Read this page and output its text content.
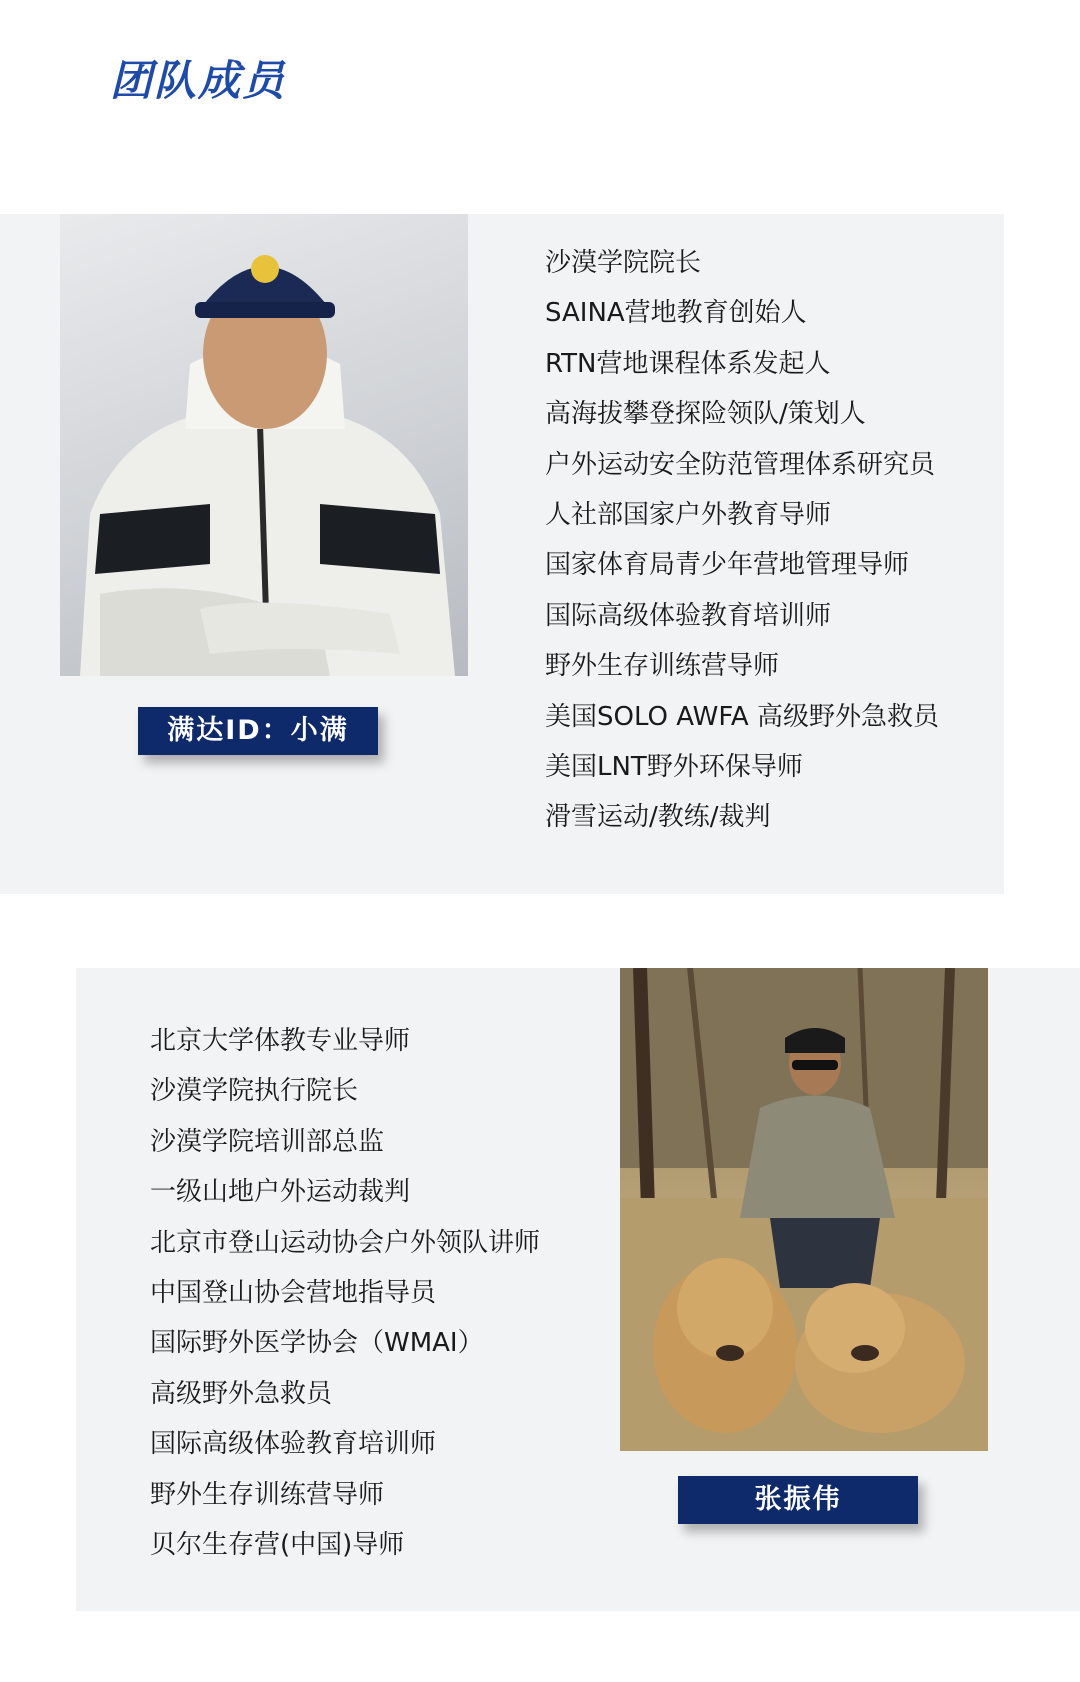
团队成员
满达ID：小满
沙漠学院院长
SAINA营地教育创始人
RTN营地课程体系发起人
高海拔攀登探险领队/策划人
户外运动安全防范管理体系研究员
人社部国家户外教育导师
国家体育局青少年营地管理导师
国际高级体验教育培训师
野外生存训练营导师
美国SOLO AWFA 高级野外急救员
美国LNT野外环保导师
滑雪运动/教练/裁判
北京大学体教专业导师
沙漠学院执行院长
沙漠学院培训部总监
一级山地户外运动裁判
北京市登山运动协会户外领队讲师
中国登山协会营地指导员
国际野外医学协会（WMAI）
高级野外急救员
国际高级体验教育培训师
野外生存训练营导师
贝尔生存营(中国)导师
张振伟
